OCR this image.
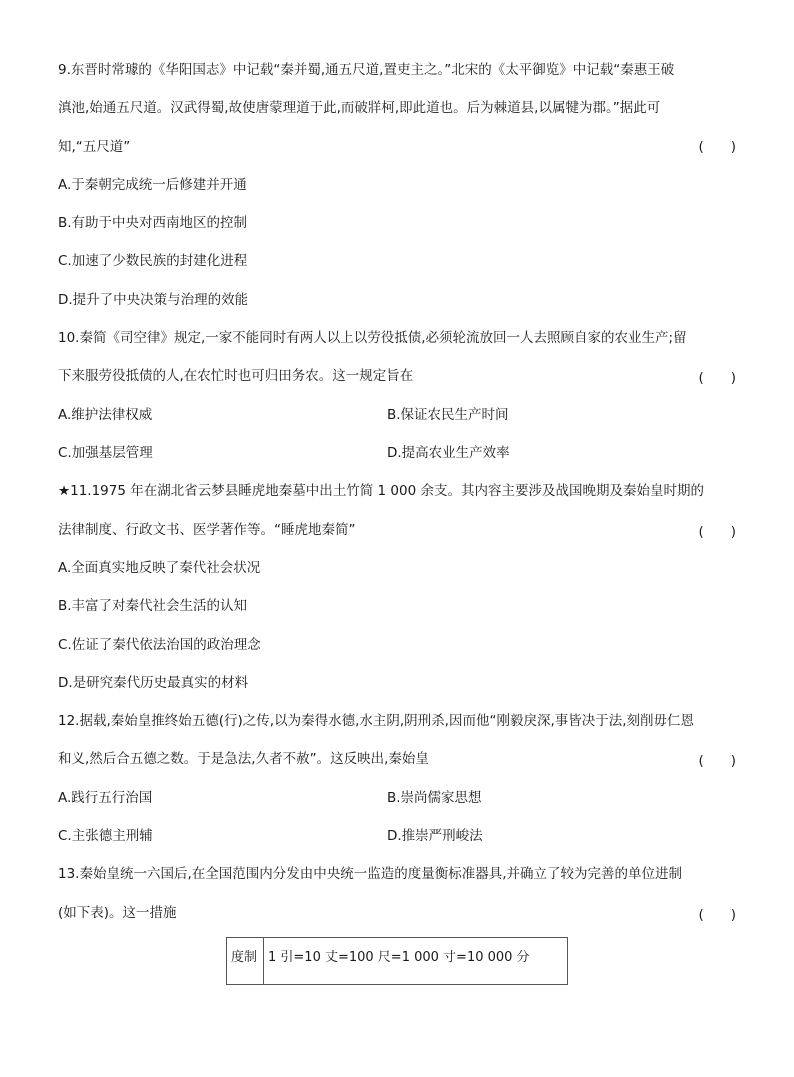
9.东晋时常璩的《华阳国志》中记载“秦并蜀,通五尺道,置吏主之。”北宋的《太平御览》中记载“秦惠王破
滇池,始通五尺道。汉武得蜀,故使唐蒙理道于此,而破牂柯,即此道也。后为棘道县,以属犍为郡。”据此可
知,“五尺道”	(　　)
A.于秦朝完成统一后修建并开通
B.有助于中央对西南地区的控制
C.加速了少数民族的封建化进程
D.提升了中央决策与治理的效能
10.秦简《司空律》规定,一家不能同时有两人以上以劳役抵债,必须轮流放回一人去照顾自家的农业生产;留
下来服劳役抵债的人,在农忙时也可归田务农。这一规定旨在	(　　)
A.维护法律权威	B.保证农民生产时间
C.加强基层管理	D.提高农业生产效率
★11.1975 年在湖北省云梦县睡虎地秦墓中出土竹简 1 000 余支。其内容主要涉及战国晚期及秦始皇时期的
法律制度、行政文书、医学著作等。“睡虎地秦简”	(　　)
A.全面真实地反映了秦代社会状况
B.丰富了对秦代社会生活的认知
C.佐证了秦代依法治国的政治理念
D.是研究秦代历史最真实的材料
12.据载,秦始皇推终始五德(行)之传,以为秦得水德,水主阴,阴刑杀,因而他“刚毅戾深,事皆决于法,刻削毋仁恩
和义,然后合五德之数。于是急法,久者不赦”。这反映出,秦始皇	(　　)
A.践行五行治国	B.崇尚儒家思想
C.主张德主刑辅	D.推崇严刑峻法
13.秦始皇统一六国后,在全国范围内分发由中央统一监造的度量衡标准器具,并确立了较为完善的单位进制
(如下表)。这一措施	(　　)
度制	1 引=10 丈=100 尺=1 000 寸=10 000 分
